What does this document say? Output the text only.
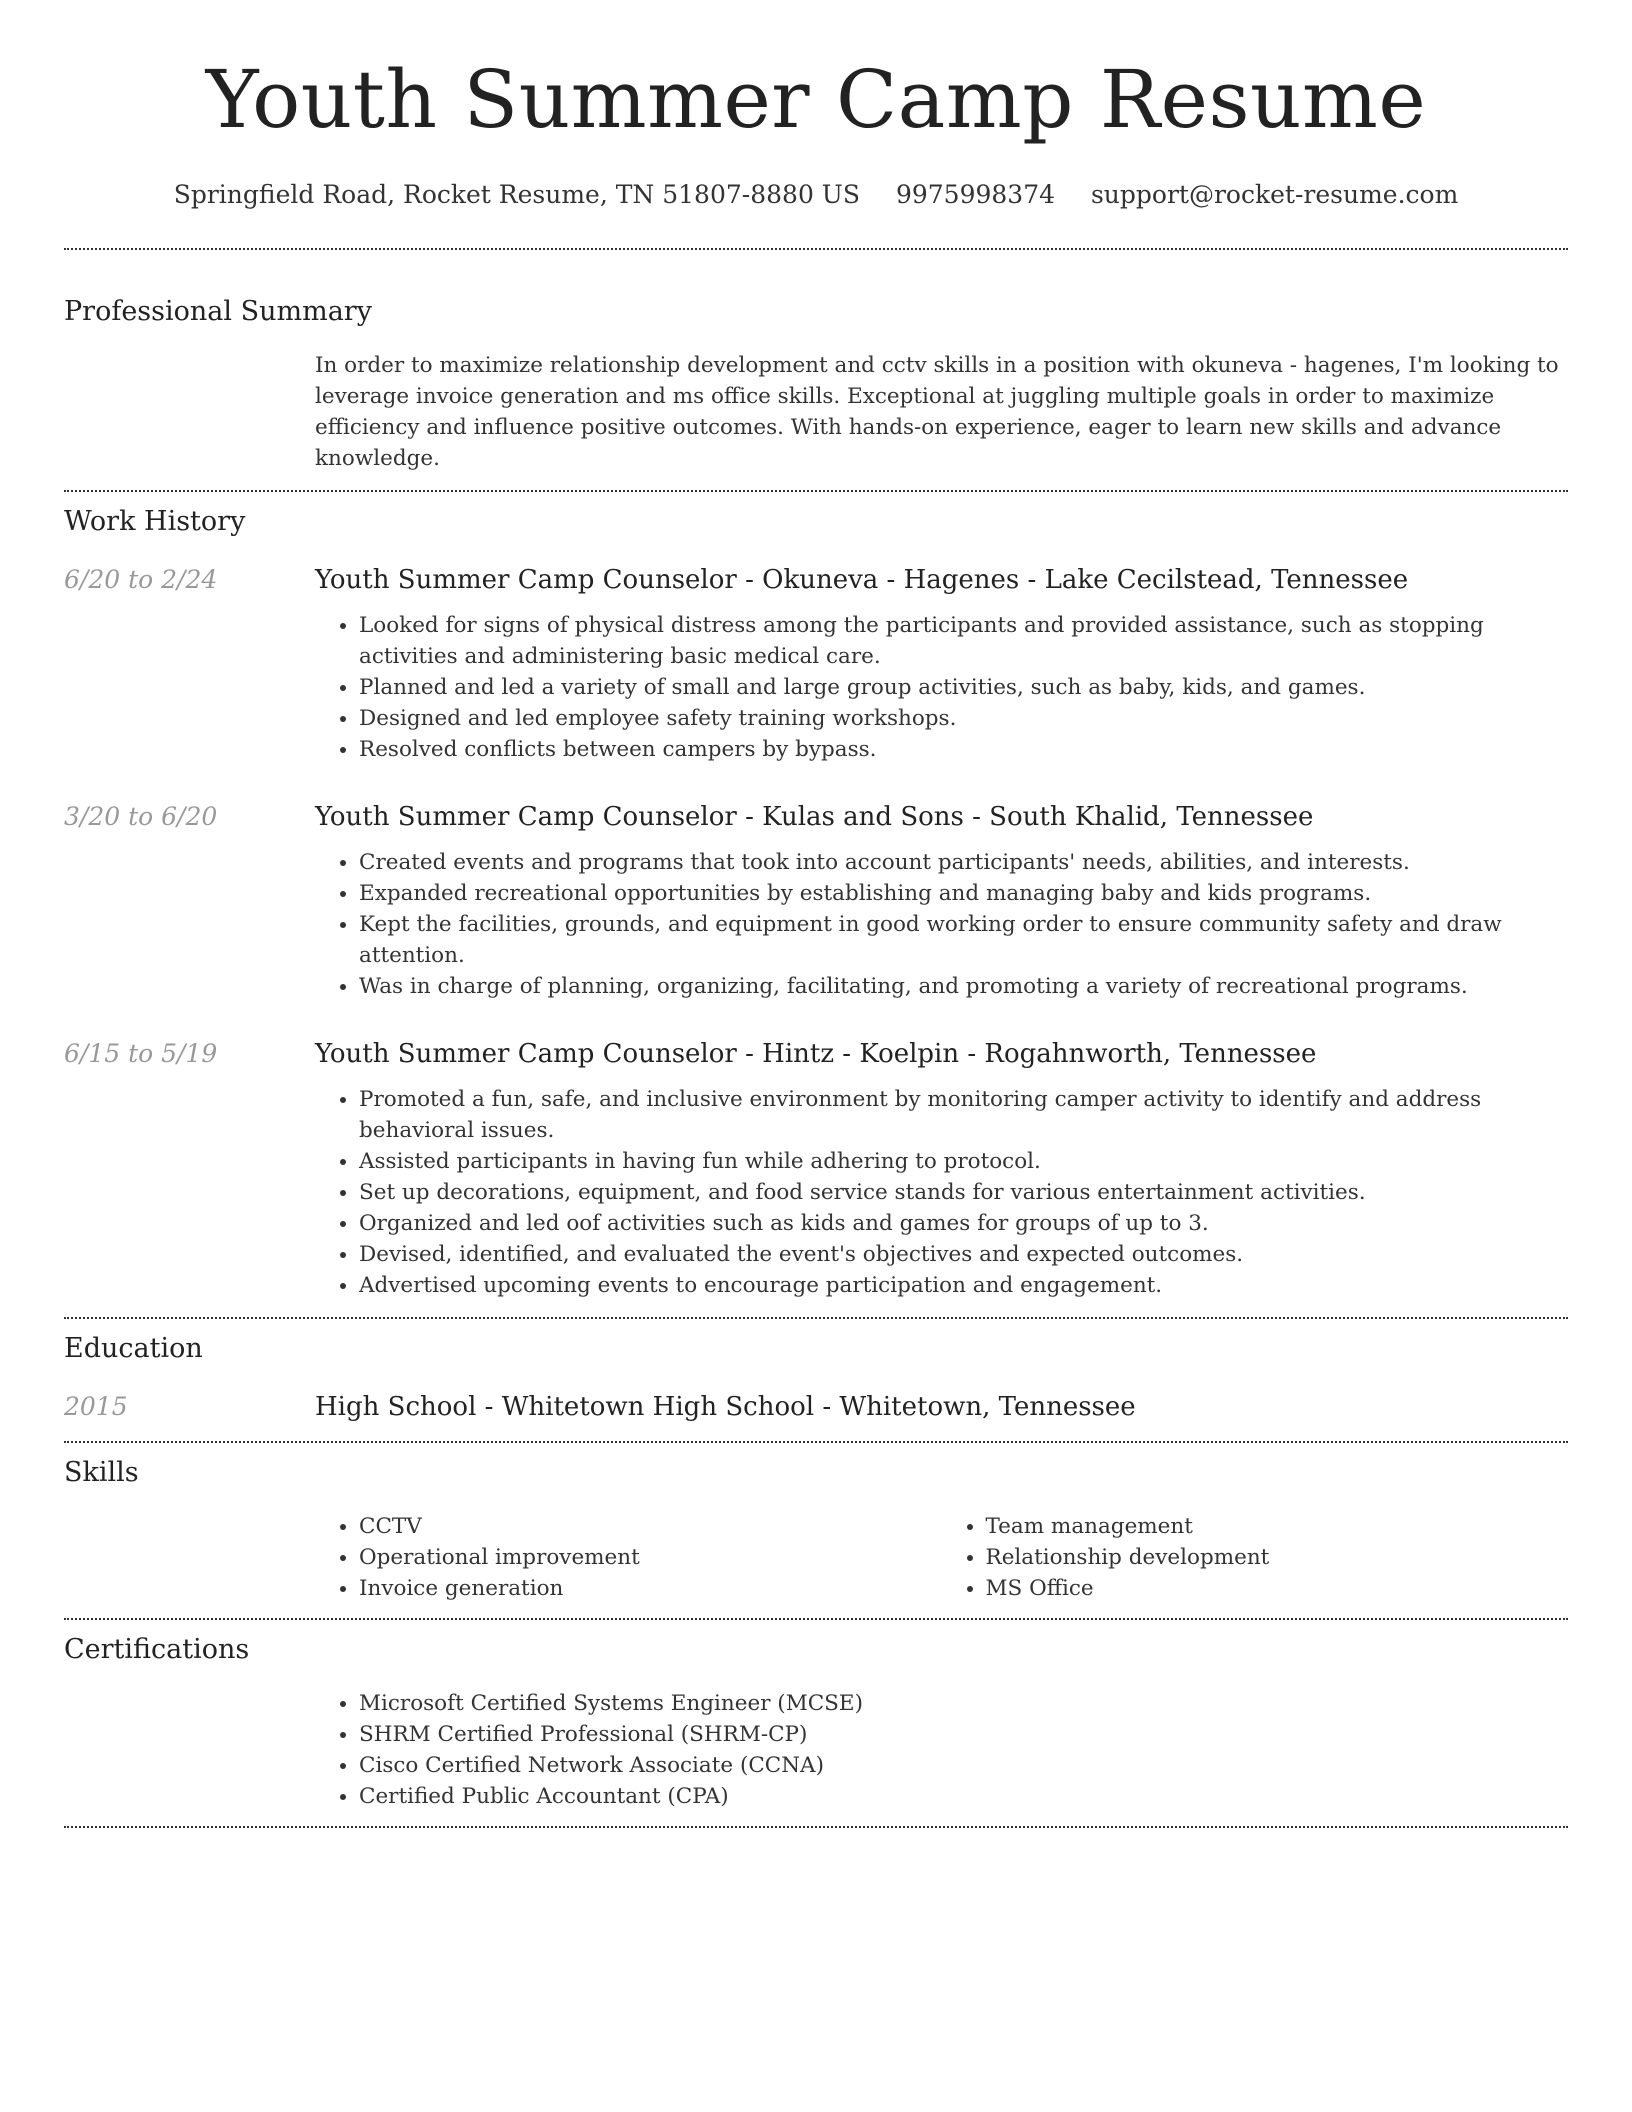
Youth Summer Camp Resume
Springfield Road, Rocket Resume, TN 51807-8880 US 9975998374 support@rocket-resume.com
Professional Summary
In order to maximize relationship development and cctv skills in a position with okuneva - hagenes, I'm looking to leverage invoice generation and ms office skills. Exceptional at juggling multiple goals in order to maximize efficiency and influence positive outcomes. With hands-on experience, eager to learn new skills and advance knowledge.
Work History
6/20 to 2/24	Youth Summer Camp Counselor - Okuneva - Hagenes - Lake Cecilstead, Tennessee
• Looked for signs of physical distress among the participants and provided assistance, such as stopping activities and administering basic medical care.
• Planned and led a variety of small and large group activities, such as baby, kids, and games.
• Designed and led employee safety training workshops.
• Resolved conflicts between campers by bypass.
3/20 to 6/20	Youth Summer Camp Counselor - Kulas and Sons - South Khalid, Tennessee
• Created events and programs that took into account participants' needs, abilities, and interests.
• Expanded recreational opportunities by establishing and managing baby and kids programs.
• Kept the facilities, grounds, and equipment in good working order to ensure community safety and draw attention.
• Was in charge of planning, organizing, facilitating, and promoting a variety of recreational programs.
6/15 to 5/19	Youth Summer Camp Counselor - Hintz - Koelpin - Rogahnworth, Tennessee
• Promoted a fun, safe, and inclusive environment by monitoring camper activity to identify and address behavioral issues.
• Assisted participants in having fun while adhering to protocol.
• Set up decorations, equipment, and food service stands for various entertainment activities.
• Organized and led oof activities such as kids and games for groups of up to 3.
• Devised, identified, and evaluated the event's objectives and expected outcomes.
• Advertised upcoming events to encourage participation and engagement.
Education
2015	High School - Whitetown High School - Whitetown, Tennessee
Skills
• CCTV
• Operational improvement
• Invoice generation
• Team management
• Relationship development
• MS Office
Certifications
• Microsoft Certified Systems Engineer (MCSE)
• SHRM Certified Professional (SHRM-CP)
• Cisco Certified Network Associate (CCNA)
• Certified Public Accountant (CPA)
